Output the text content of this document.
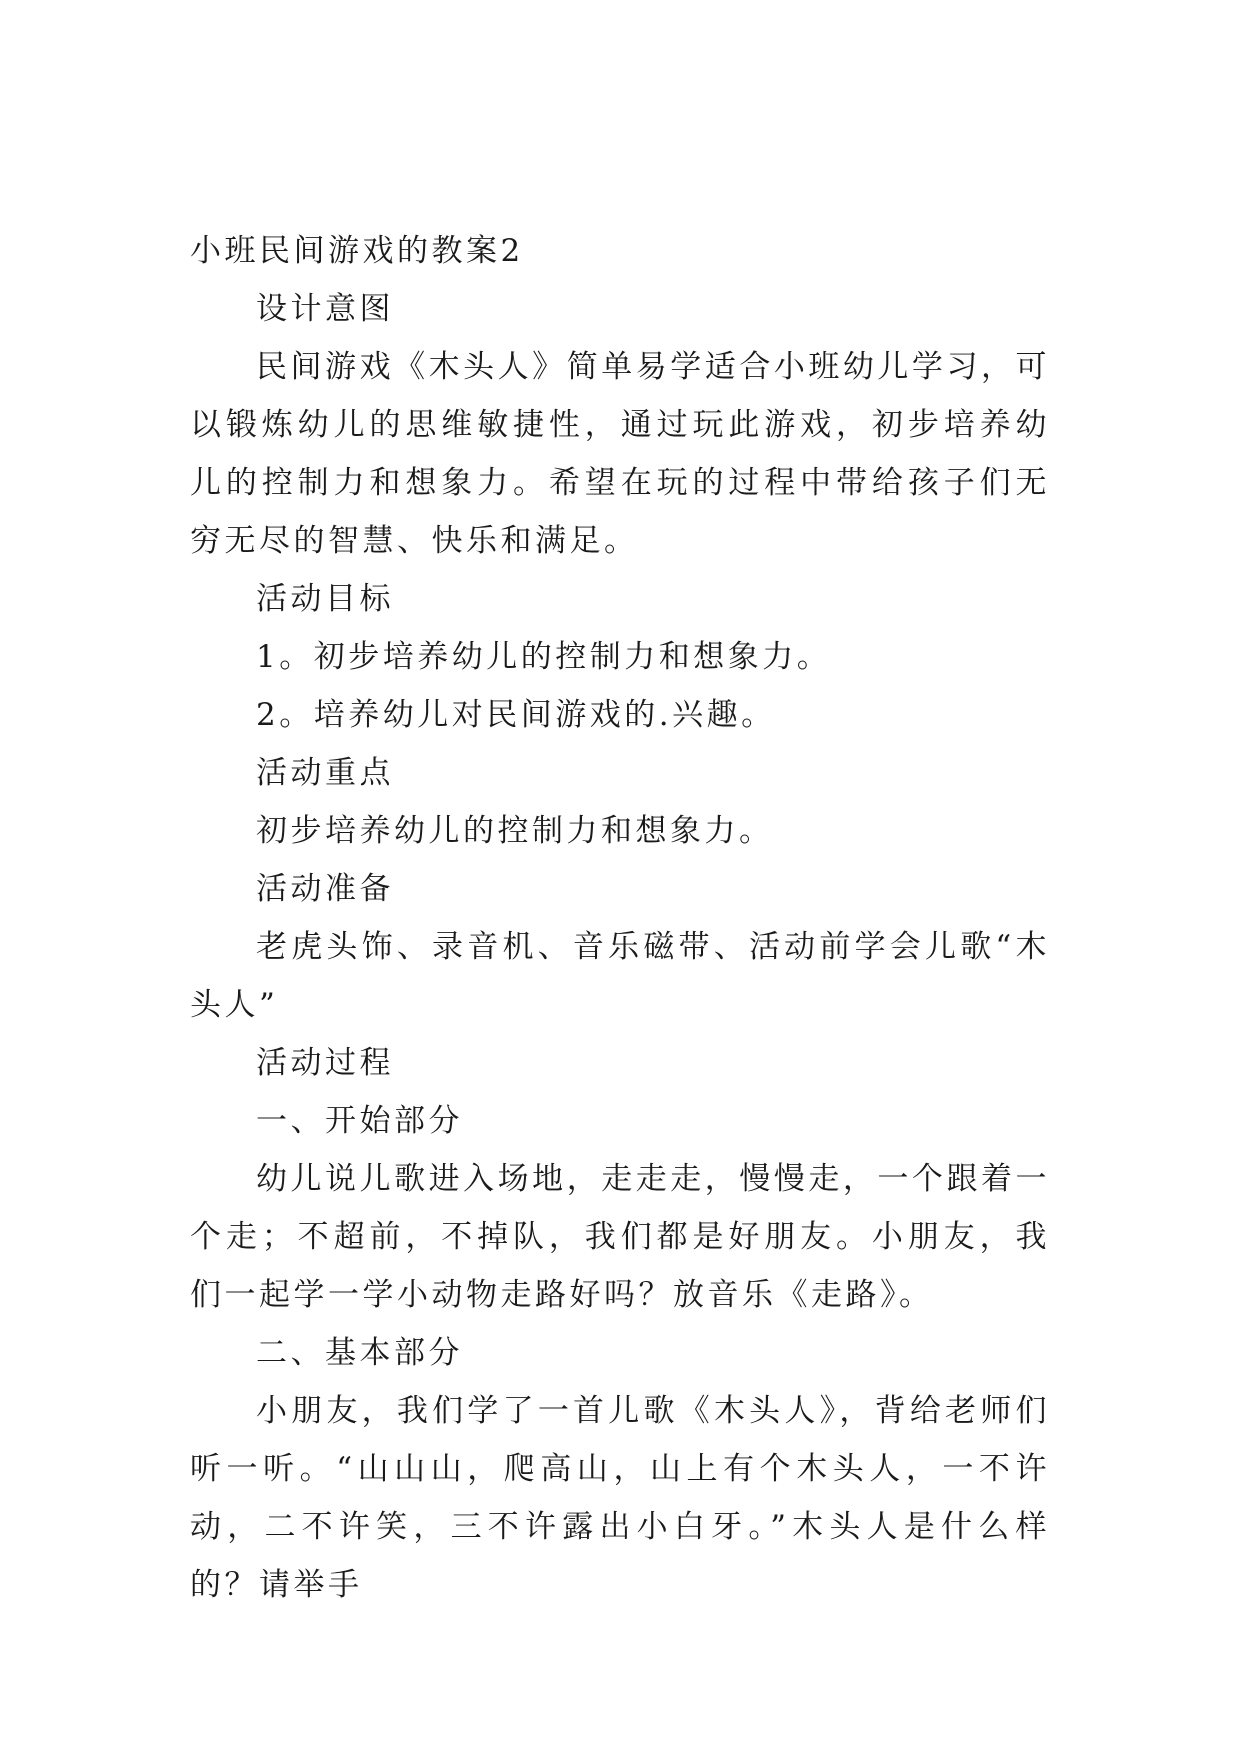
小班民间游戏的教案2

设计意图

民间游戏《木头人》简单易学适合小班幼儿学习，可以锻炼幼儿的思维敏捷性，通过玩此游戏，初步培养幼儿的控制力和想象力。希望在玩的过程中带给孩子们无穷无尽的智慧、快乐和满足。

活动目标

1。初步培养幼儿的控制力和想象力。

2。培养幼儿对民间游戏的.兴趣。

活动重点

初步培养幼儿的控制力和想象力。

活动准备

老虎头饰、录音机、音乐磁带、活动前学会儿歌“木头人”

活动过程

一、开始部分

幼儿说儿歌进入场地，走走走，慢慢走，一个跟着一个走；不超前，不掉队，我们都是好朋友。小朋友，我们一起学一学小动物走路好吗？放音乐《走路》。

二、基本部分

小朋友，我们学了一首儿歌《木头人》，背给老师们听一听。“山山山，爬高山，山上有个木头人，一不许动，二不许笑，三不许露出小白牙。”木头人是什么样的？请举手
